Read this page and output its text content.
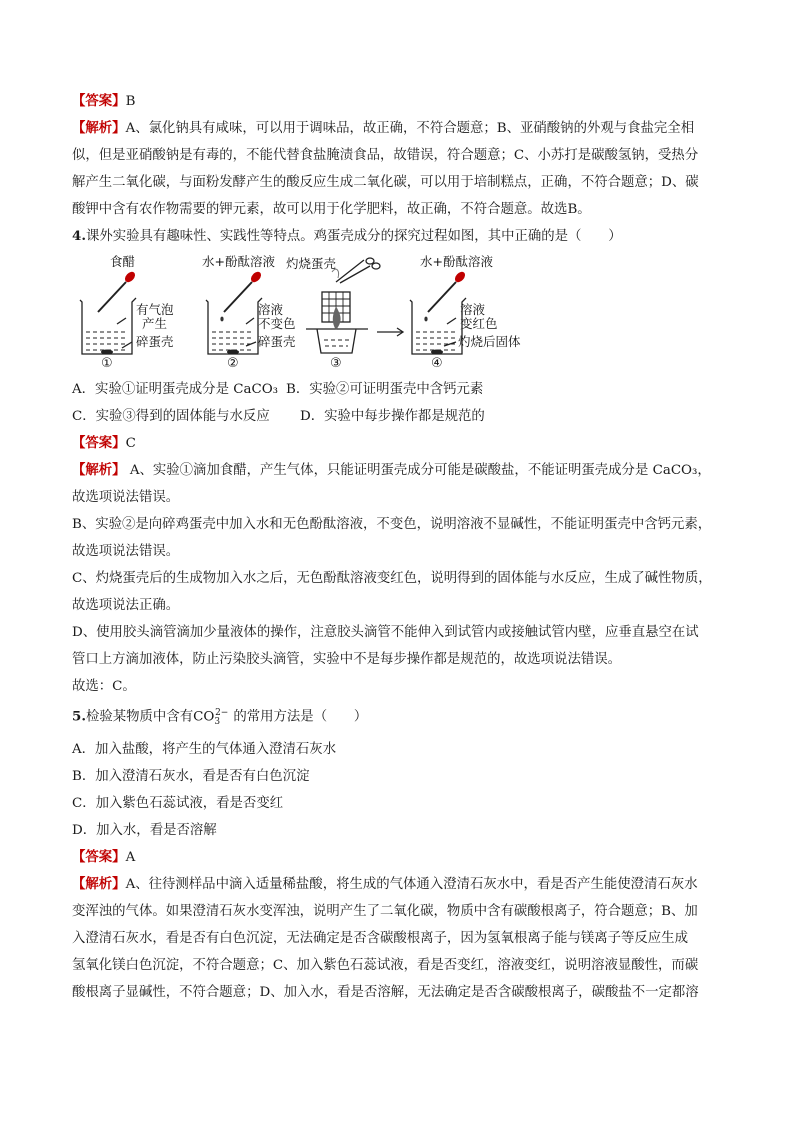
【答案】B

【解析】A、氯化钠具有咸味，可以用于调味品，故正确，不符合题意；B、亚硝酸钠的外观与食盐完全相

似，但是亚硝酸钠是有毒的，不能代替食盐腌渍食品，故错误，符合题意；C、小苏打是碳酸氢钠，受热分

解产生二氧化碳，与面粉发酵产生的酸反应生成二氧化碳，可以用于培制糕点，正确，不符合题意；D、碳

酸钾中含有农作物需要的钾元素，故可以用于化学肥料，故正确，不符合题意。故选B。

4.课外实验具有趣味性、实践性等特点。鸡蛋壳成分的探究过程如图，其中正确的是（　　）

食醋
有气泡
产生
碎蛋壳
水+酚酞溶液
溶液
不变色
碎蛋壳
灼烧蛋壳	水+酚酞溶液
溶液
变红色
灼烧后固体
①	②	③	④

A．实验①证明蛋壳成分是 CaCO₃ B．实验②可证明蛋壳中含钙元素

C．实验③得到的固体能与水反应 D．实验中每步操作都是规范的

【答案】C

【解析】 A、实验①滴加食醋，产生气体，只能证明蛋壳成分可能是碳酸盐，不能证明蛋壳成分是 CaCO₃，

故选项说法错误。

B、实验②是向碎鸡蛋壳中加入水和无色酚酞溶液，不变色，说明溶液不显碱性，不能证明蛋壳中含钙元素，

故选项说法错误。

C、灼烧蛋壳后的生成物加入水之后，无色酚酞溶液变红色，说明得到的固体能与水反应，生成了碱性物质，

故选项说法正确。

D、使用胶头滴管滴加少量液体的操作，注意胶头滴管不能伸入到试管内或接触试管内壁，应垂直悬空在试

管口上方滴加液体，防止污染胶头滴管，实验中不是每步操作都是规范的，故选项说法错误。

故选：C。

5.检验某物质中含有$CO_3^{2-}$ 的常用方法是（　　）

A．加入盐酸，将产生的气体通入澄清石灰水

B．加入澄清石灰水，看是否有白色沉淀

C．加入紫色石蕊试液，看是否变红

D．加入水，看是否溶解

【答案】A

【解析】A、往待测样品中滴入适量稀盐酸，将生成的气体通入澄清石灰水中，看是否产生能使澄清石灰水

变浑浊的气体。如果澄清石灰水变浑浊，说明产生了二氧化碳，物质中含有碳酸根离子，符合题意；B、加

入澄清石灰水，看是否有白色沉淀，无法确定是否含碳酸根离子，因为氢氧根离子能与镁离子等反应生成

氢氧化镁白色沉淀，不符合题意；C、加入紫色石蕊试液，看是否变红，溶液变红，说明溶液显酸性，而碳

酸根离子显碱性，不符合题意；D、加入水，看是否溶解，无法确定是否含碳酸根离子，碳酸盐不一定都溶
